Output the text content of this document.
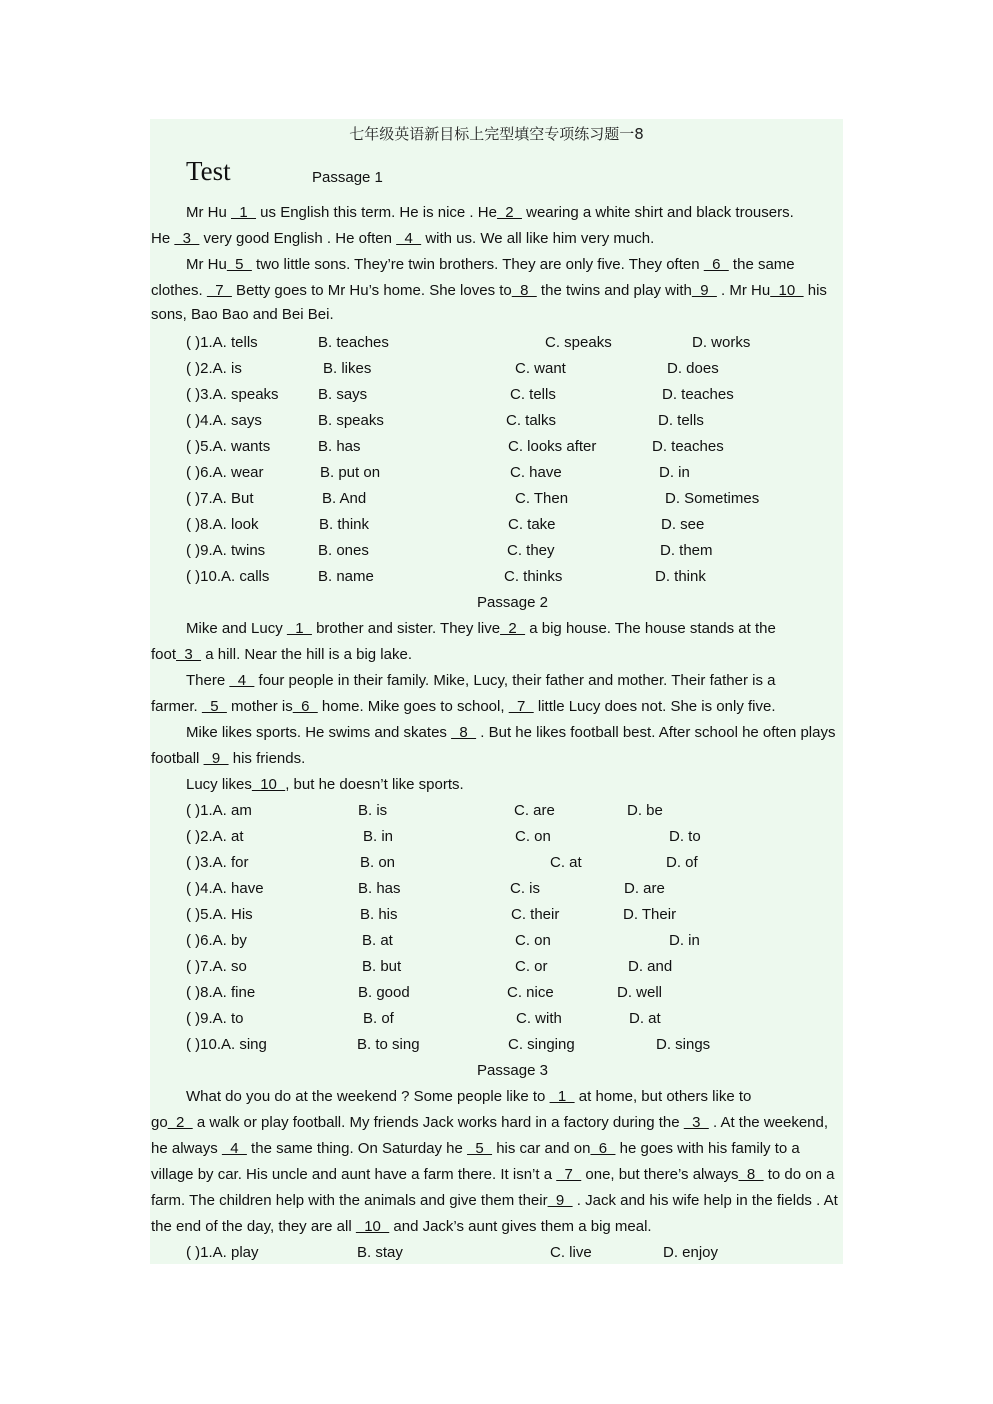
七年级英语新目标上完型填空专项练习题一8
Test	Passage 1
Mr Hu   1   us English this term. He is nice . He  2   wearing a white shirt and black trousers.
He   3   very good English . He often   4   with us. We all like him very much.
Mr Hu  5   two little sons. They’re twin brothers. They are only five. They often   6   the same
clothes.   7   Betty goes to Mr Hu’s home. She loves to  8   the twins and play with  9   . Mr Hu  10   his
sons, Bao Bao and Bei Bei.
( )1.A. tells	B. teaches	C. speaks	D. works
( )2.A. is	B. likes	C. want	D. does
( )3.A. speaks	B. says	C. tells	D. teaches
( )4.A. says	B. speaks	C. talks	D. tells
( )5.A. wants	B. has	C. looks after	D. teaches
( )6.A. wear	B. put on	C. have	D. in
( )7.A. But	B. And	C. Then	D. Sometimes
( )8.A. look	B. think	C. take	D. see
( )9.A. twins	B. ones	C. they	D. them
( )10.A. calls	B. name	C. thinks	D. think
Passage 2
Mike and Lucy   1   brother and sister. They live  2   a big house. The house stands at the
foot  3   a hill. Near the hill is a big lake.
There   4   four people in their family. Mike, Lucy, their father and mother. Their father is a
farmer.   5   mother is  6   home. Mike goes to school,   7   little Lucy does not. She is only five.
Mike likes sports. He swims and skates   8   . But he likes football best. After school he often plays
football   9   his friends.
Lucy likes  10  , but he doesn’t like sports.
( )1.A. am	B. is	C. are	D. be
( )2.A. at	B. in	C. on	D. to
( )3.A. for	B. on	C. at	D. of
( )4.A. have	B. has	C. is	D. are
( )5.A. His	B. his	C. their	D. Their
( )6.A. by	B. at	C. on	D. in
( )7.A. so	B. but	C. or	D. and
( )8.A. fine	B. good	C. nice	D. well
( )9.A. to	B. of	C. with	D. at
( )10.A. sing	B. to sing	C. singing	D. sings
Passage 3
What do you do at the weekend ? Some people like to   1   at home, but others like to
go  2   a walk or play football. My friends Jack works hard in a factory during the   3   . At the weekend,
he always   4   the same thing. On Saturday he   5   his car and on  6   he goes with his family to a
village by car. His uncle and aunt have a farm there. It isn’t a   7   one, but there’s always  8   to do on a
farm. The children help with the animals and give them their  9   . Jack and his wife help in the fields . At
the end of the day, they are all   10   and Jack’s aunt gives them a big meal.
( )1.A. play	B. stay	C. live	D. enjoy
